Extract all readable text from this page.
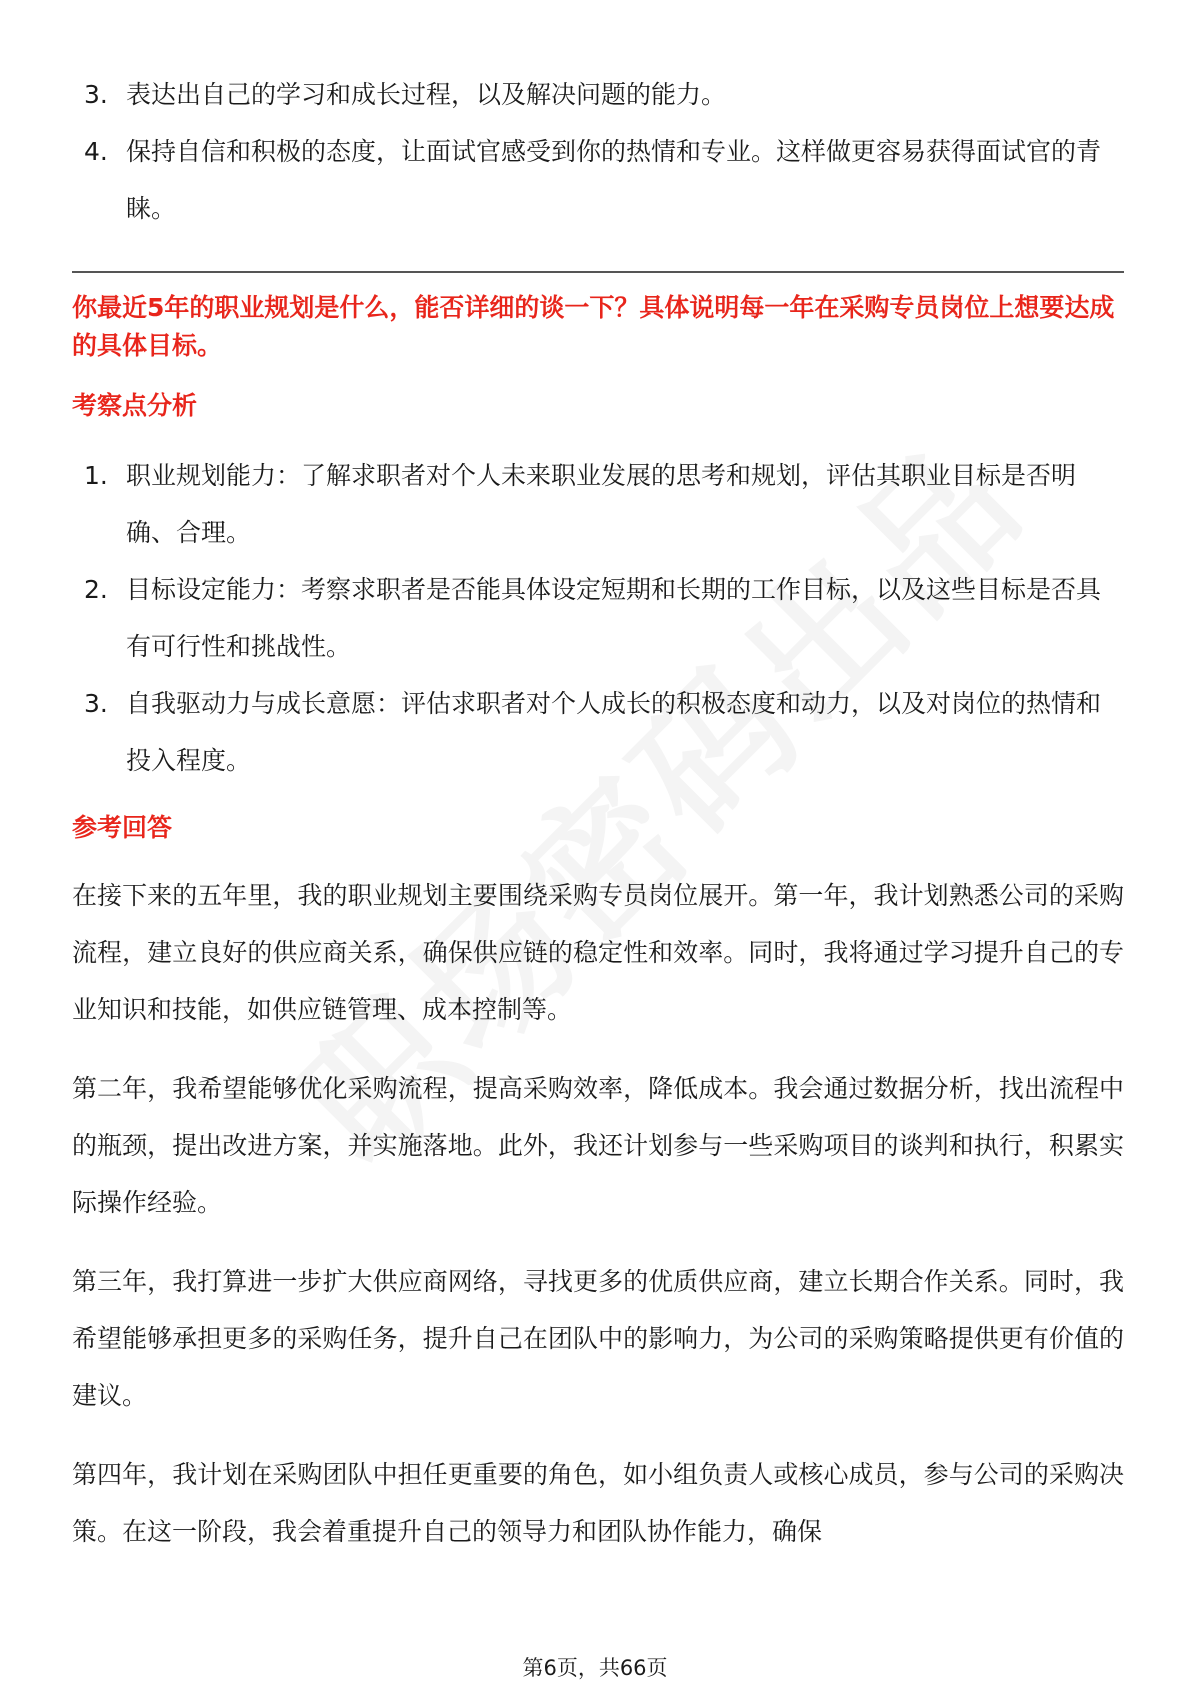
3. 表达出自己的学习和成长过程，以及解决问题的能力。
4. 保持自信和积极的态度，让面试官感受到你的热情和专业。这样做更容易获得面试官的青睐。
你最近5年的职业规划是什么，能否详细的谈一下？具体说明每一年在采购专员岗位上想要达成的具体目标。
考察点分析
1. 职业规划能力：了解求职者对个人未来职业发展的思考和规划，评估其职业目标是否明确、合理。
2. 目标设定能力：考察求职者是否能具体设定短期和长期的工作目标，以及这些目标是否具有可行性和挑战性。
3. 自我驱动力与成长意愿：评估求职者对个人成长的积极态度和动力，以及对岗位的热情和投入程度。
参考回答

在接下来的五年里，我的职业规划主要围绕采购专员岗位展开。第一年，我计划熟悉公司的采购流程，建立良好的供应商关系，确保供应链的稳定性和效率。同时，我将通过学习提升自己的专业知识和技能，如供应链管理、成本控制等。

第二年，我希望能够优化采购流程，提高采购效率，降低成本。我会通过数据分析，找出流程中的瓶颈，提出改进方案，并实施落地。此外，我还计划参与一些采购项目的谈判和执行，积累实际操作经验。

第三年，我打算进一步扩大供应商网络，寻找更多的优质供应商，建立长期合作关系。同时，我希望能够承担更多的采购任务，提升自己在团队中的影响力，为公司的采购策略提供更有价值的建议。

第四年，我计划在采购团队中担任更重要的角色，如小组负责人或核心成员，参与公司的采购决策。在这一阶段，我会着重提升自己的领导力和团队协作能力，确保

第6页，共66页
